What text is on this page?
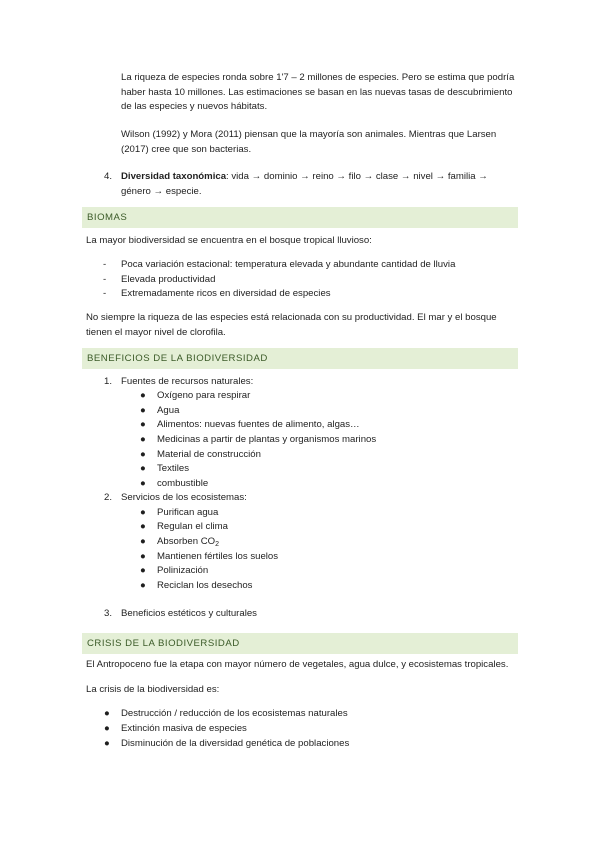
La riqueza de especies ronda sobre 1'7 – 2 millones de especies. Pero se estima que podría haber hasta 10 millones. Las estimaciones se basan en las nuevas tasas de descubrimiento de las especies y nuevos hábitats.

Wilson (1992) y Mora (2011) piensan que la mayoría son animales. Mientras que Larsen (2017) cree que son bacterias.

4. Diversidad taxonómica: vida → dominio → reino → filo → clase → nivel → familia → género → especie.

BIOMAS

La mayor biodiversidad se encuentra en el bosque tropical lluvioso:

- Poca variación estacional: temperatura elevada y abundante cantidad de lluvia
- Elevada productividad
- Extremadamente ricos en diversidad de especies

No siempre la riqueza de las especies está relacionada con su productividad. El mar y el bosque tienen el mayor nivel de clorofila.

BENEFICIOS DE LA BIODIVERSIDAD
1. Fuentes de recursos naturales:
● Oxígeno para respirar
● Agua
● Alimentos: nuevas fuentes de alimento, algas…
● Medicinas a partir de plantas y organismos marinos
● Material de construcción
● Textiles
● combustible
2. Servicios de los ecosistemas:
● Purifican agua
● Regulan el clima
● Absorben $CO_2$
● Mantienen fértiles los suelos
● Polinización
● Reciclan los desechos
3. Beneficios estéticos y culturales
CRISIS DE LA BIODIVERSIDAD

El Antropoceno fue la etapa con mayor número de vegetales, agua dulce, y ecosistemas tropicales.

La crisis de la biodiversidad es:

● Destrucción / reducción de los ecosistemas naturales
● Extinción masiva de especies
● Disminución de la diversidad genética de poblaciones
